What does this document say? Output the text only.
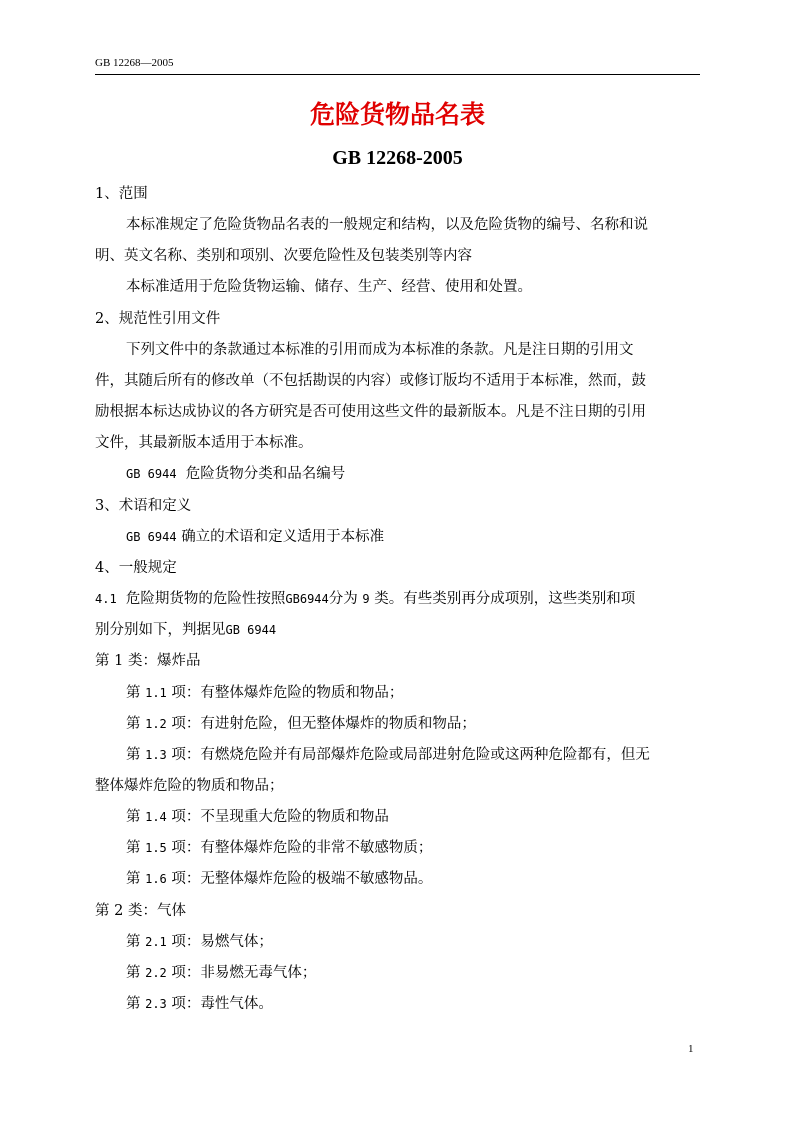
GB 12268—2005
危险货物品名表
GB 12268-2005

1、范围

本标准规定了危险货物品名表的一般规定和结构，以及危险货物的编号、名称和说

明、英文名称、类别和项别、次要危险性及包装类别等内容

本标准适用于危险货物运输、储存、生产、经营、使用和处置。

2、规范性引用文件

下列文件中的条款通过本标准的引用而成为本标准的条款。凡是注日期的引用文

件，其随后所有的修改单（不包括勘误的内容）或修订版均不适用于本标准，然而，鼓

励根据本标达成协议的各方研究是否可使用这些文件的最新版本。凡是不注日期的引用

文件，其最新版本适用于本标准。

GB 6944 危险货物分类和品名编号

3、术语和定义

GB 6944 确立的术语和定义适用于本标准

4、一般规定

4.1 危险期货物的危险性按照GB6944分为 9 类。有些类别再分成项别，这些类别和项

别分别如下，判据见GB 6944

第 1 类：爆炸品

第 1.1 项：有整体爆炸危险的物质和物品；

第 1.2 项：有进射危险，但无整体爆炸的物质和物品；

第 1.3 项：有燃烧危险并有局部爆炸危险或局部进射危险或这两种危险都有，但无

整体爆炸危险的物质和物品；

第 1.4 项：不呈现重大危险的物质和物品

第 1.5 项：有整体爆炸危险的非常不敏感物质；

第 1.6 项：无整体爆炸危险的极端不敏感物品。

第 2 类：气体

第 2.1 项：易燃气体；

第 2.2 项：非易燃无毒气体；

第 2.3 项：毒性气体。

1
